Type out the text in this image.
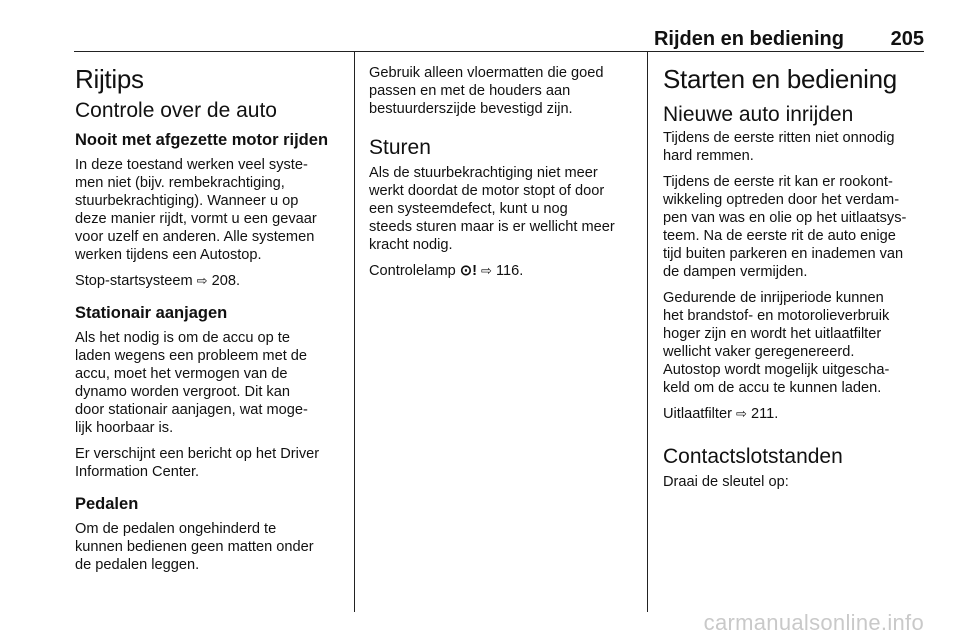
Rijden en bediening 205
Rijtips
Controle over de auto
Nooit met afgezette motor rijden

In deze toestand werken veel syste-
men niet (bijv. rembekrachtiging,
stuurbekrachtiging). Wanneer u op
deze manier rijdt, vormt u een gevaar
voor uzelf en anderen. Alle systemen
werken tijdens een Autostop.

Stop-startsysteem ⇨ 208.

Stationair aanjagen

Als het nodig is om de accu op te
laden wegens een probleem met de
accu, moet het vermogen van de
dynamo worden vergroot. Dit kan
door stationair aanjagen, wat moge-
lijk hoorbaar is.

Er verschijnt een bericht op het Driver
Information Center.

Pedalen

Om de pedalen ongehinderd te
kunnen bedienen geen matten onder
de pedalen leggen.

Gebruik alleen vloermatten die goed
passen en met de houders aan
bestuurderszijde bevestigd zijn.

Sturen

Als de stuurbekrachtiging niet meer
werkt doordat de motor stopt of door
een systeemdefect, kunt u nog
steeds sturen maar is er wellicht meer
kracht nodig.

Controlelamp ⊙! ⇨ 116.

Starten en bediening
Nieuwe auto inrijden

Tijdens de eerste ritten niet onnodig
hard remmen.

Tijdens de eerste rit kan er rookont-
wikkeling optreden door het verdam-
pen van was en olie op het uitlaatsys-
teem. Na de eerste rit de auto enige
tijd buiten parkeren en inademen van
de dampen vermijden.

Gedurende de inrijperiode kunnen
het brandstof- en motorolieverbruik
hoger zijn en wordt het uitlaatfilter
wellicht vaker geregenereerd.
Autostop wordt mogelijk uitgescha-
keld om de accu te kunnen laden.

Uitlaatfilter ⇨ 211.

Contactslotstanden

Draai de sleutel op:

carmanualsonline.info
